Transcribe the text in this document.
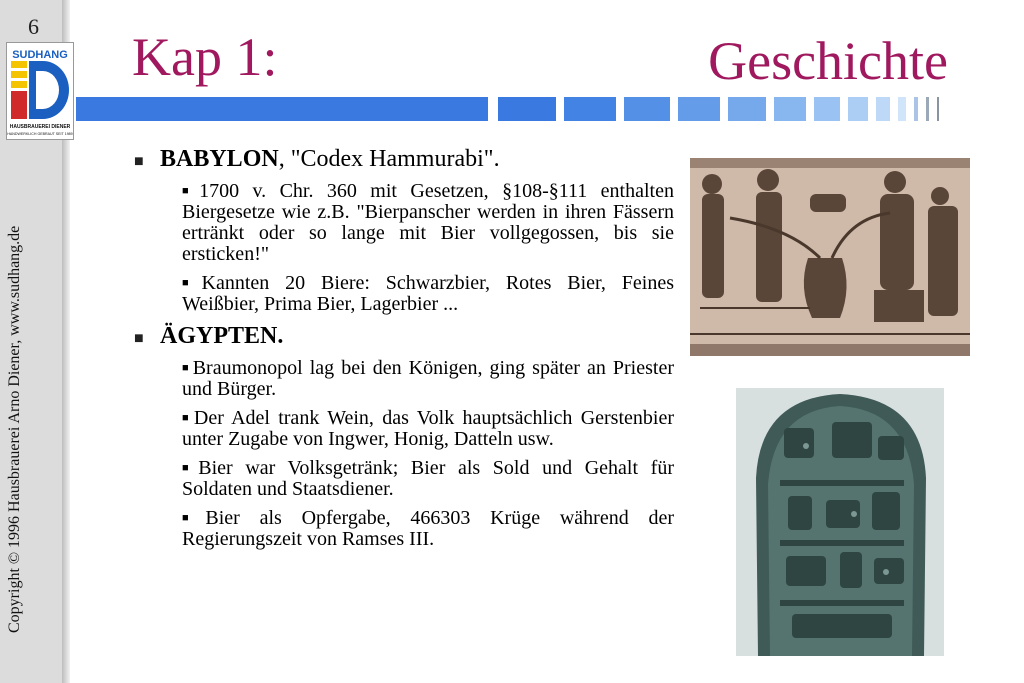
6
SUDHANG
HAUSBRAUEREI DIENER
HANDWERKLICH GEBRAUT SEIT 1989
Kap 1:	Geschichte
■ BABYLON, "Codex Hammurabi".
■ 1700 v. Chr. 360 mit Gesetzen, §108-§111 enthalten Biergesetze wie z.B. "Bierpanscher werden in ihren Fässern ertränkt oder so lange mit Bier vollgegossen, bis sie ersticken!"
■ Kannten 20 Biere: Schwarzbier, Rotes Bier, Feines Weißbier, Prima Bier, Lagerbier ...
■ ÄGYPTEN.
■ Braumonopol lag bei den Königen, ging später an Priester und Bürger.
■ Der Adel trank Wein, das Volk hauptsächlich Gerstenbier unter Zugabe von Ingwer, Honig, Datteln usw.
■ Bier war Volksgetränk; Bier als Sold und Gehalt für Soldaten und Staatsdiener.
■ Bier als Opfergabe, 466303 Krüge während der Regierungszeit von Ramses III.
